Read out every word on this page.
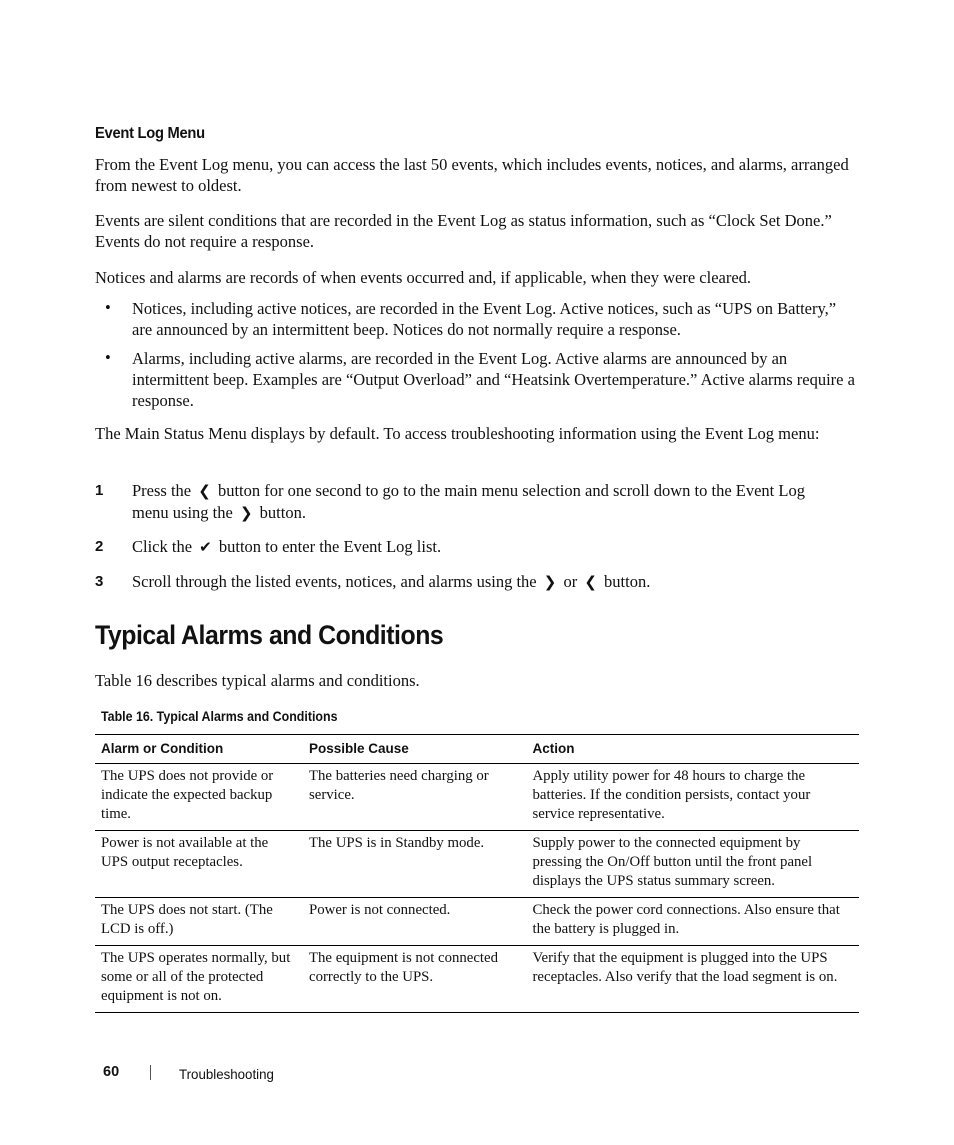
Event Log Menu

From the Event Log menu, you can access the last 50 events, which includes events, notices, and alarms, arranged from newest to oldest.

Events are silent conditions that are recorded in the Event Log as status information, such as “Clock Set Done.” Events do not require a response.

Notices and alarms are records of when events occurred and, if applicable, when they were cleared.

• Notices, including active notices, are recorded in the Event Log. Active notices, such as “UPS on Battery,” are announced by an intermittent beep. Notices do not normally require a response.
• Alarms, including active alarms, are recorded in the Event Log. Active alarms are announced by an intermittent beep. Examples are “Output Overload” and “Heatsink Overtemperature.” Active alarms require a response.

The Main Status Menu displays by default. To access troubleshooting information using the Event Log menu:

1 Press the ❮ button for one second to go to the main menu selection and scroll down to the Event Log menu using the ❯ button.
2 Click the ✔ button to enter the Event Log list.
3 Scroll through the listed events, notices, and alarms using the ❯ or ❮ button.
Typical Alarms and Conditions

Table 16 describes typical alarms and conditions.

Table 16. Typical Alarms and Conditions
Alarm or Condition	Possible Cause	Action
The UPS does not provide or indicate the expected backup time.	The batteries need charging or service.	Apply utility power for 48 hours to charge the batteries. If the condition persists, contact your service representative.
Power is not available at the UPS output receptacles.	The UPS is in Standby mode.	Supply power to the connected equipment by pressing the On/Off button until the front panel displays the UPS status summary screen.
The UPS does not start. (The LCD is off.)	Power is not connected.	Check the power cord connections. Also ensure that the battery is plugged in.
The UPS operates normally, but some or all of the protected equipment is not on.	The equipment is not connected correctly to the UPS.	Verify that the equipment is plugged into the UPS receptacles. Also verify that the load segment is on.
60	Troubleshooting
